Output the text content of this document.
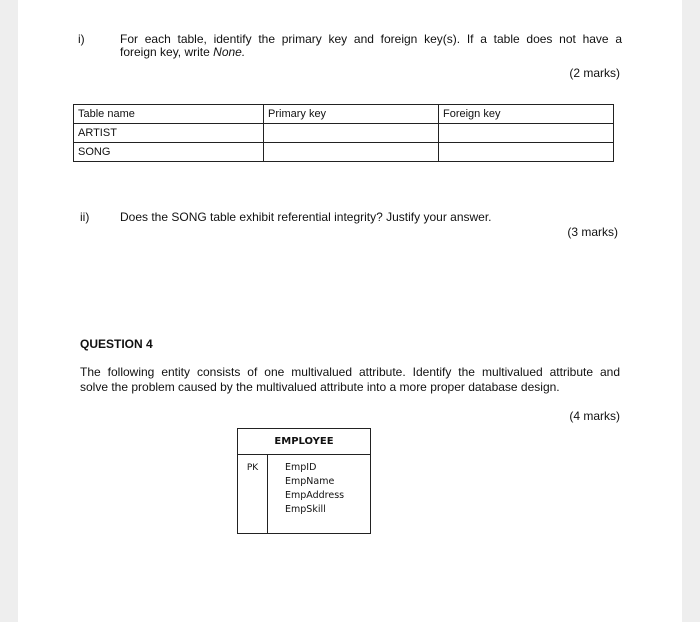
i)	For each table, identify the primary key and foreign key(s). If a table does not have a
foreign key, write None.
(2 marks)
Table name	Primary key	Foreign key
ARTIST		
SONG		
ii)	Does the SONG table exhibit referential integrity? Justify your answer.
(3 marks)
QUESTION 4
The following entity consists of one multivalued attribute. Identify the multivalued attribute and
solve the problem caused by the multivalued attribute into a more proper database design.
(4 marks)
EMPLOYEE
PK	EmpID
EmpName
EmpAddress
EmpSkill
